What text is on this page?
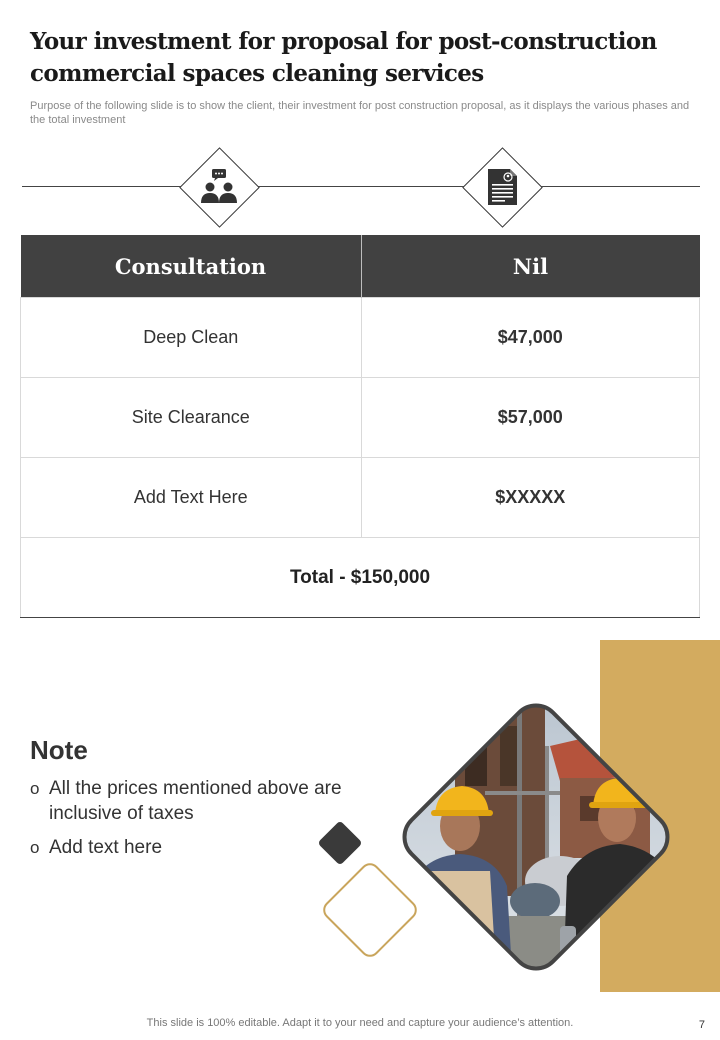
Your investment for proposal for post-construction commercial spaces cleaning services

Purpose of the following slide is to show the client, their investment for post construction proposal, as it displays the various phases and the total investment

Consultation	Nil
Deep Clean	$47,000
Site Clearance	$57,000
Add Text Here	$XXXXX
Total - $150,000	
Note
o All the prices mentioned above are inclusive of taxes
o Add text here

This slide is 100% editable. Adapt it to your need and capture your audience’s attention.	7
